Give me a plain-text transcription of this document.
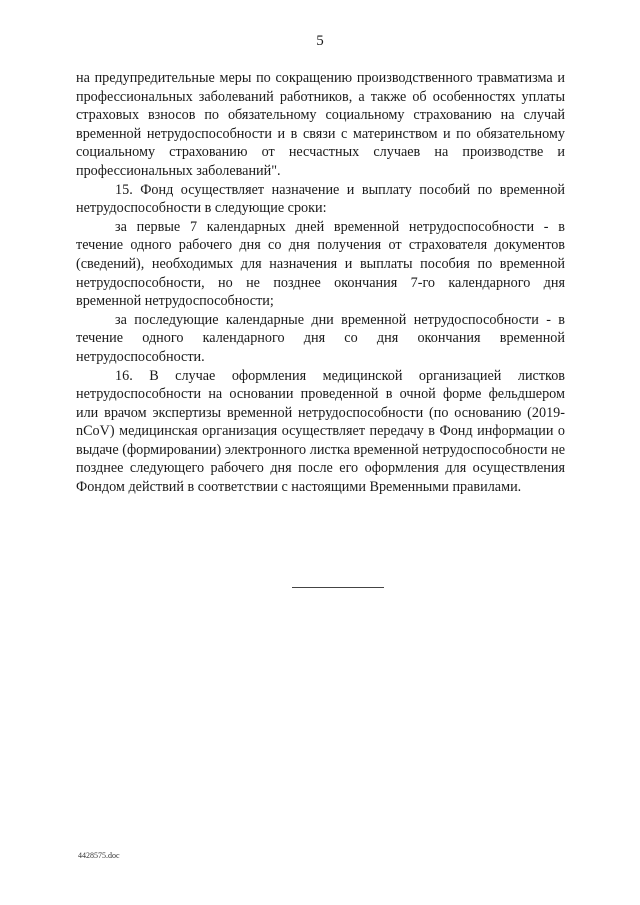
5

на предупредительные меры по сокращению производственного травматизма и профессиональных заболеваний работников, а также об особенностях уплаты страховых взносов по обязательному социальному страхованию на случай временной нетрудоспособности и в связи с материнством и по обязательному социальному страхованию от несчастных случаев на производстве и профессиональных заболеваний".

15. Фонд осуществляет назначение и выплату пособий по временной нетрудоспособности в следующие сроки:

за первые 7 календарных дней временной нетрудоспособности - в течение одного рабочего дня со дня получения от страхователя документов (сведений), необходимых для назначения и выплаты пособия по временной нетрудоспособности, но не позднее окончания 7-го календарного дня временной нетрудоспособности;

за последующие календарные дни временной нетрудоспособности - в течение одного календарного дня со дня окончания временной нетрудоспособности.

16. В случае оформления медицинской организацией листков нетрудоспособности на основании проведенной в очной форме фельдшером или врачом экспертизы временной нетрудоспособности (по основанию (2019-nCoV) медицинская организация осуществляет передачу в Фонд информации о выдаче (формировании) электронного листка временной нетрудоспособности не позднее следующего рабочего дня после его оформления для осуществления Фондом действий в соответствии с настоящими Временными правилами.

4428575.doc
